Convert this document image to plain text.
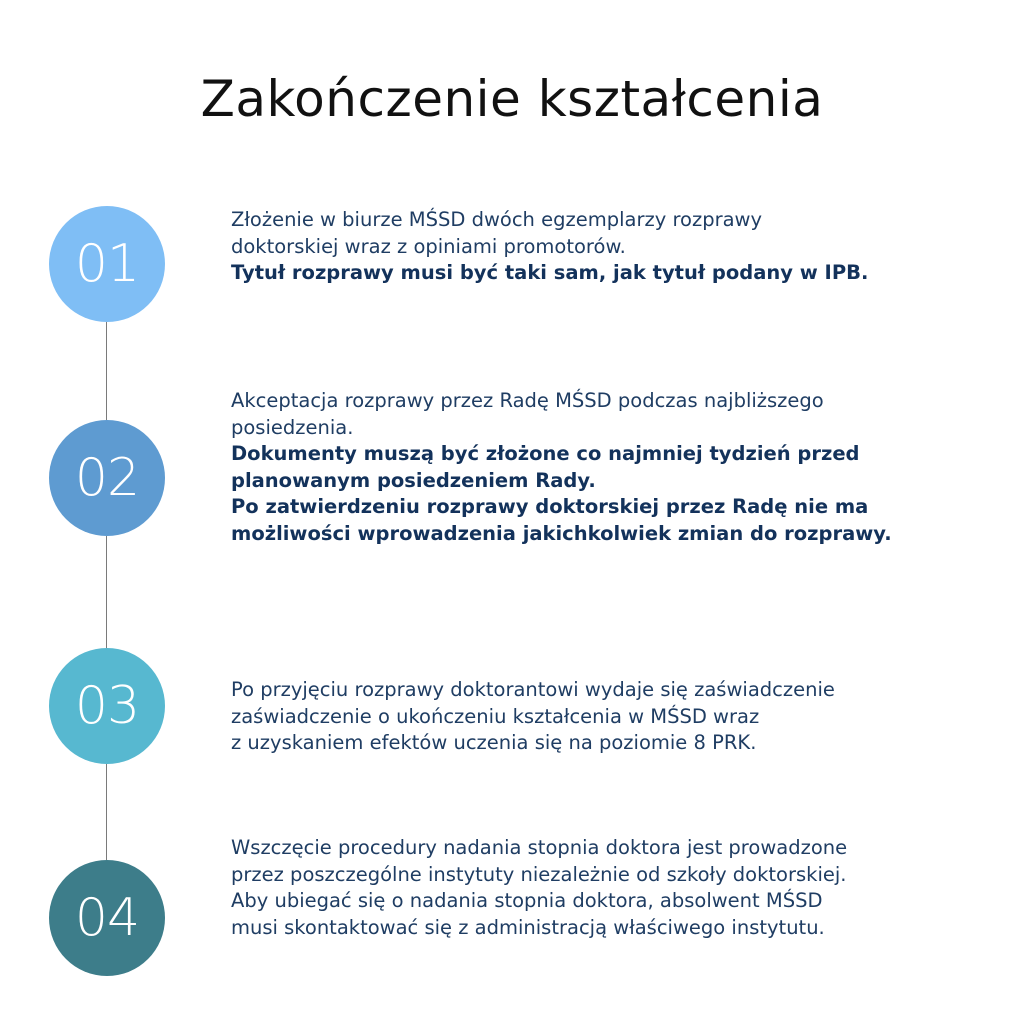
Zakończenie kształcenia
01

Złożenie w biurze MŚSD dwóch egzemplarzy rozprawy

doktorskiej wraz z opiniami promotorów.

Tytuł rozprawy musi być taki sam, jak tytuł podany w IPB.

02

Akceptacja rozprawy przez Radę MŚSD podczas najbliższego

posiedzenia.

Dokumenty muszą być złożone co najmniej tydzień przed

planowanym posiedzeniem Rady.

Po zatwierdzeniu rozprawy doktorskiej przez Radę nie ma

możliwości wprowadzenia jakichkolwiek zmian do rozprawy.

03	Po przyjęciu rozprawy doktorantowi wydaje się zaświadczenie

zaświadczenie o ukończeniu kształcenia w MŚSD wraz

z uzyskaniem efektów uczenia się na poziomie 8 PRK.

04

Wszczęcie procedury nadania stopnia doktora jest prowadzone

przez poszczególne instytuty niezależnie od szkoły doktorskiej.

Aby ubiegać się o nadania stopnia doktora, absolwent MŚSD

musi skontaktować się z administracją właściwego instytutu.
